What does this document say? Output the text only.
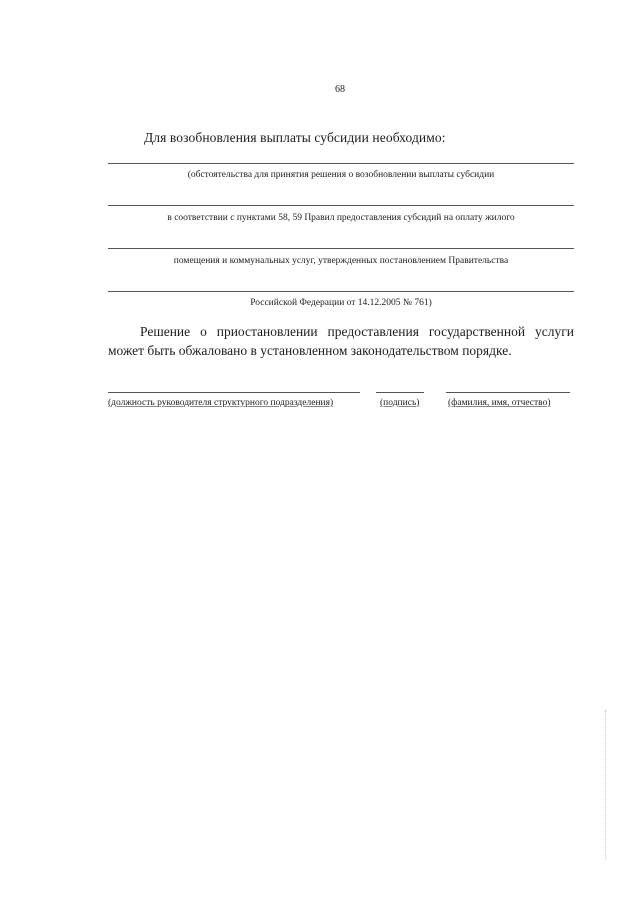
68
Для возобновления выплаты субсидии необходимо:
(обстоятельства для принятия решения о возобновлении выплаты субсидии
в соответствии с пунктами 58, 59 Правил предоставления субсидий на оплату жилого
помещения и коммунальных услуг, утвержденных постановлением Правительства
Российской Федерации от 14.12.2005 № 761)
Решение о приостановлении предоставления государственной услуги
может быть обжаловано в установленном законодательством порядке.
(должность руководителя структурного подразделения)	(подпись)	(фамилия, имя, отчество)
